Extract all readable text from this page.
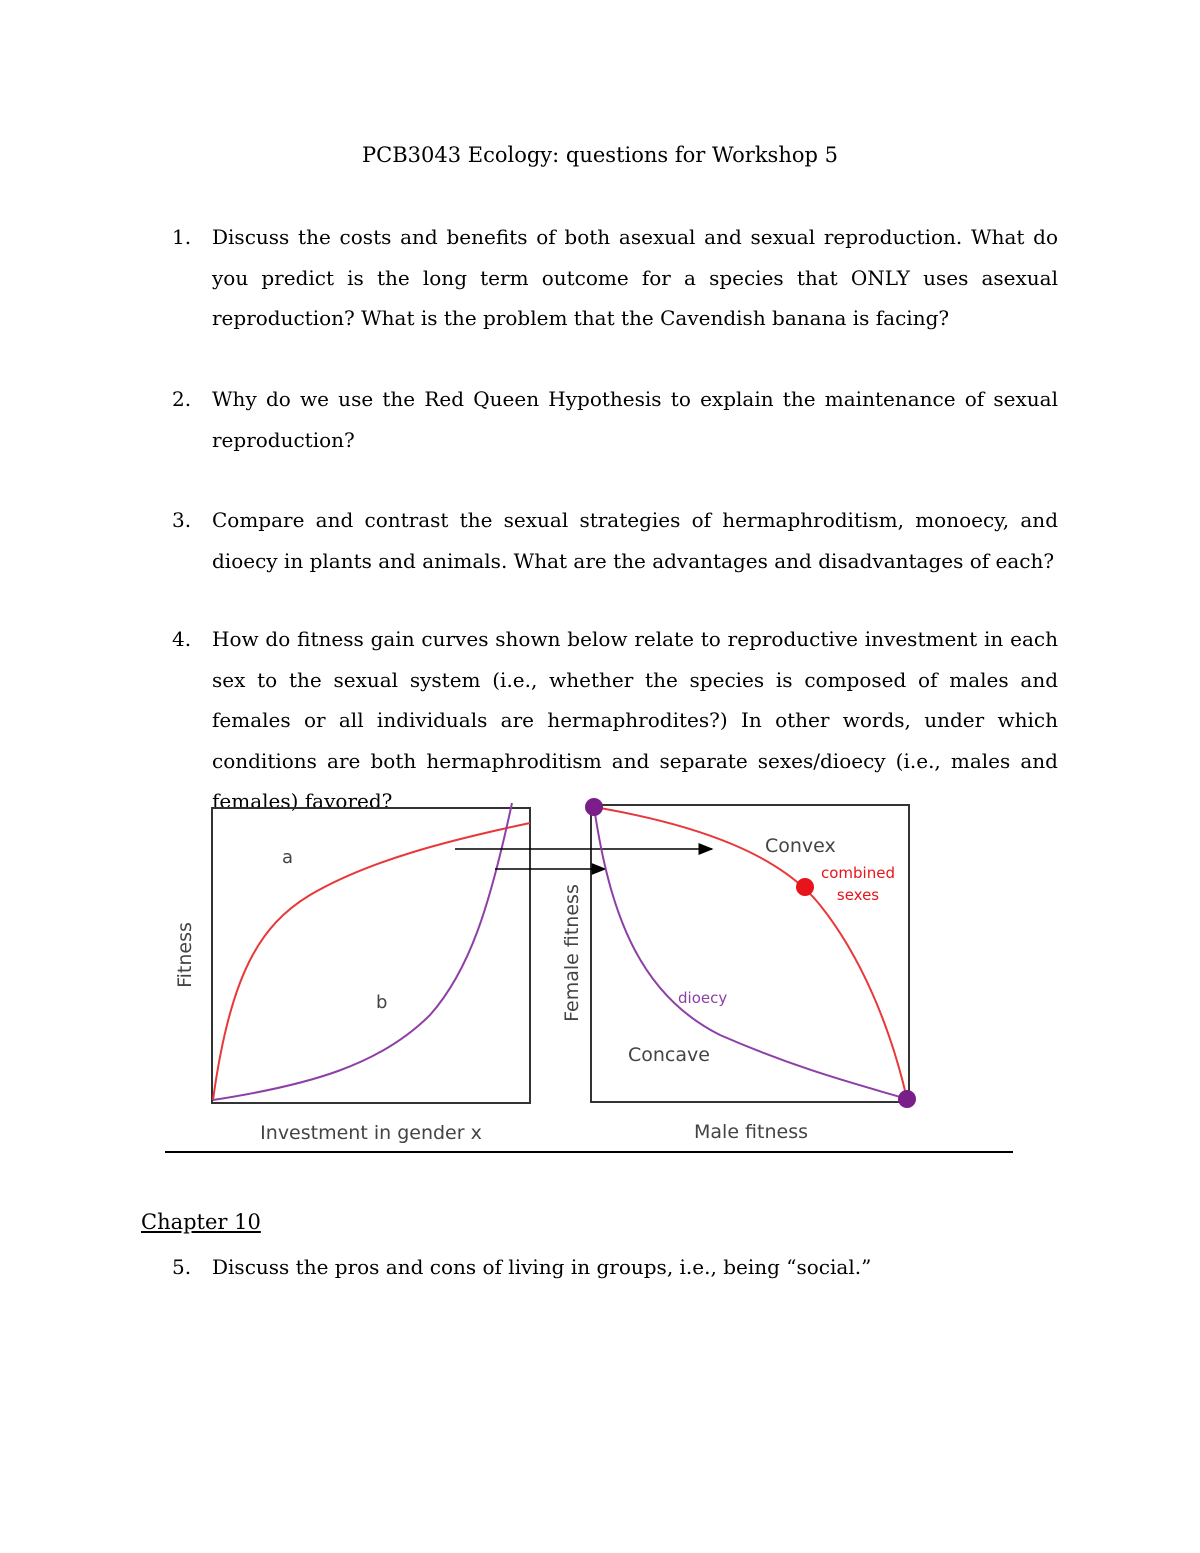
PCB3043 Ecology: questions for Workshop 5
1. Discuss the costs and benefits of both asexual and sexual reproduction. What do you predict is the long term outcome for a species that ONLY uses asexual reproduction? What is the problem that the Cavendish banana is facing?
2. Why do we use the Red Queen Hypothesis to explain the maintenance of sexual reproduction?
3. Compare and contrast the sexual strategies of hermaphroditism, monoecy, and dioecy in plants and animals. What are the advantages and disadvantages of each?
4. How do fitness gain curves shown below relate to reproductive investment in each sex to the sexual system (i.e., whether the species is composed of males and females or all individuals are hermaphrodites?) In other words, under which conditions are both hermaphroditism and separate sexes/dioecy (i.e., males and females) favored?
a
b
Investment in gender x
Fitness
Convex
combined
sexes
dioecy
Concave
Male fitness
Female fitness
Chapter 10
5. Discuss the pros and cons of living in groups, i.e., being “social.”
